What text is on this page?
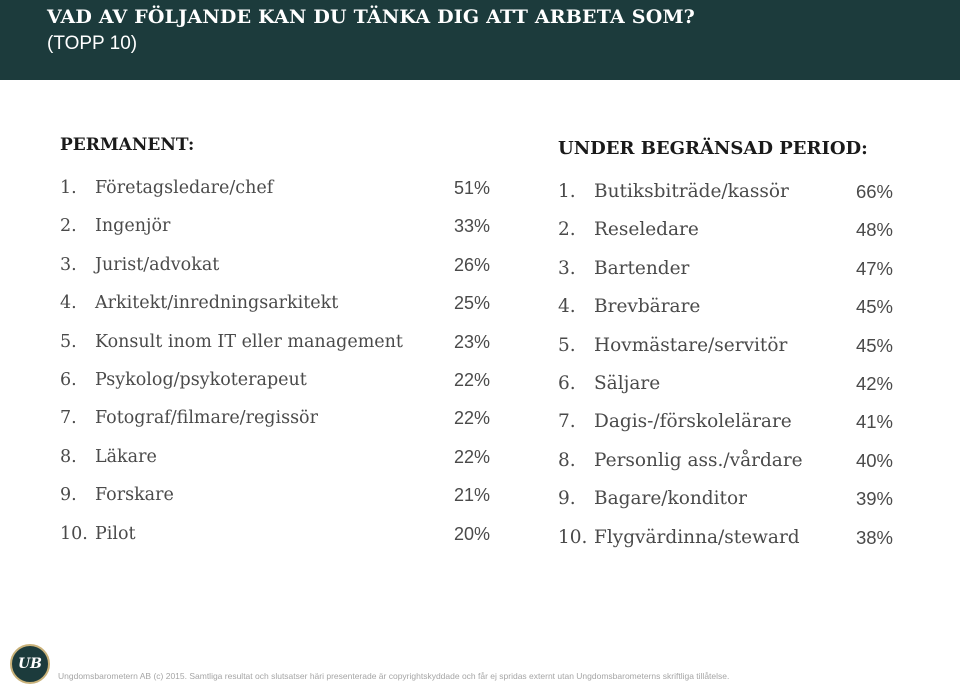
VAD AV FÖLJANDE KAN DU TÄNKA DIG ATT ARBETA SOM?
(TOPP 10)
PERMANENT:
1. Företagsledare/chef	51%
2. Ingenjör	33%
3. Jurist/advokat	26%
4. Arkitekt/inredningsarkitekt	25%
5. Konsult inom IT eller management	23%
6. Psykolog/psykoterapeut	22%
7. Fotograf/filmare/regissör	22%
8. Läkare	22%
9. Forskare	21%
10. Pilot	20%
UNDER BEGRÄNSAD PERIOD:
1. Butiksbiträde/kassör	66%
2. Reseledare	48%
3. Bartender	47%
4. Brevbärare	45%
5. Hovmästare/servitör	45%
6. Säljare	42%
7. Dagis-/förskolelärare	41%
8. Personlig ass./vårdare	40%
9. Bagare/konditor	39%
10. Flygvärdinna/steward	38%
UB
Ungdomsbarometern AB (c) 2015. Samtliga resultat och slutsatser häri presenterade är copyrightskyddade och får ej spridas externt utan Ungdomsbarometerns skriftliga tillåtelse.
